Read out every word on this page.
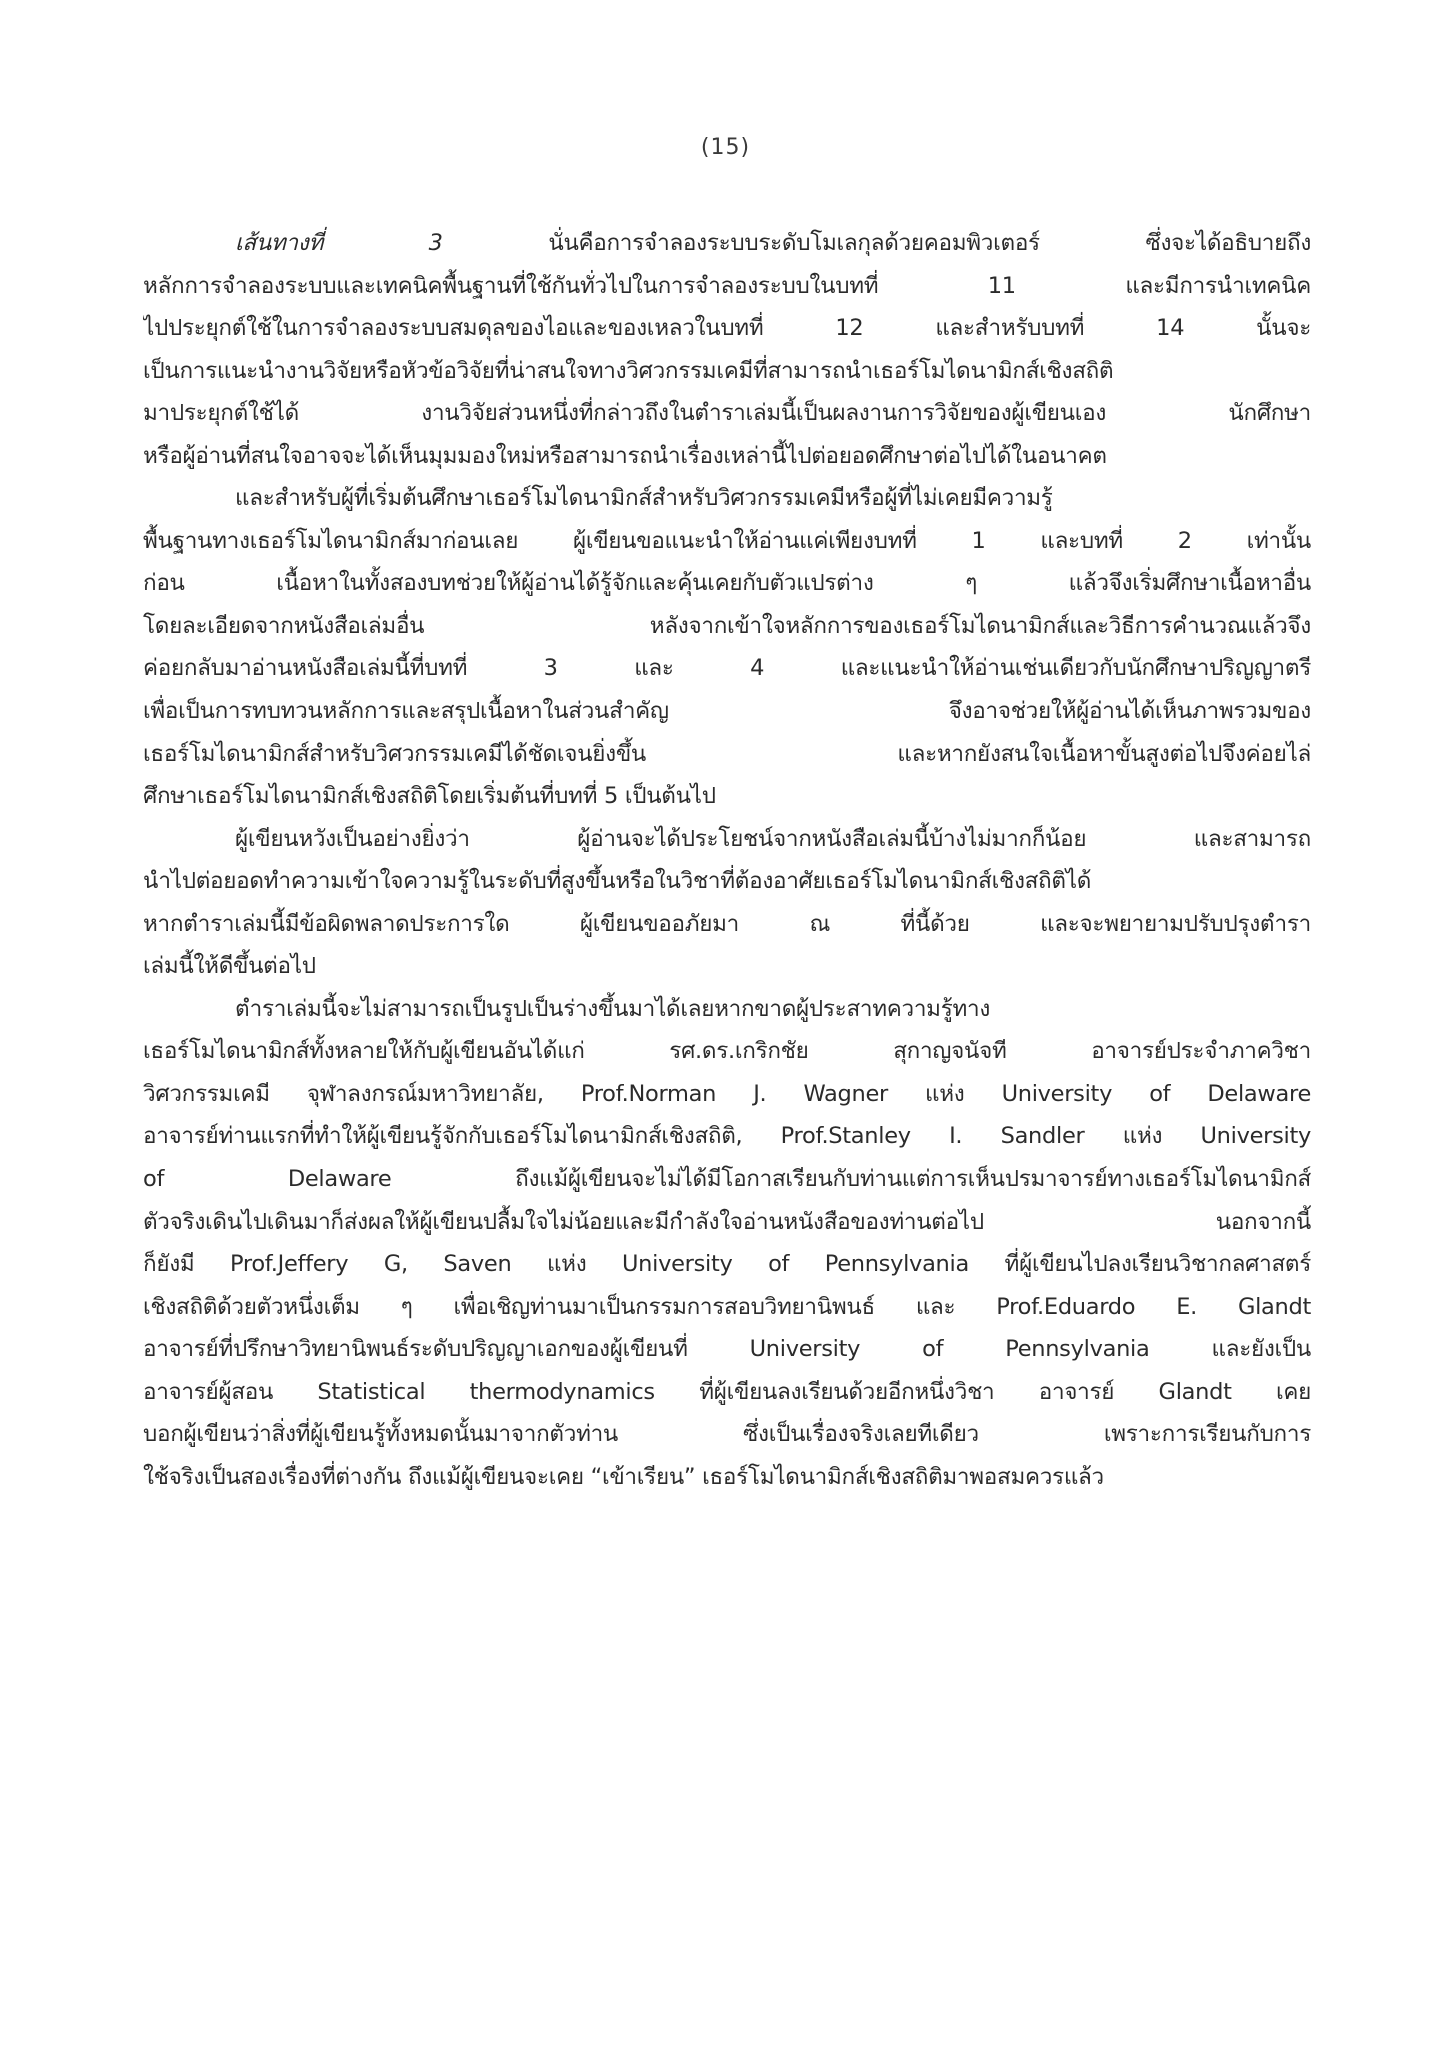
(15)
เส้นทางที่ 3 นั่นคือการจำลองระบบระดับโมเลกุลด้วยคอมพิวเตอร์ ซึ่งจะได้อธิบายถึง
หลักการจำลองระบบและเทคนิคพื้นฐานที่ใช้กันทั่วไปในการจำลองระบบในบทที่ 11 และมีการนำเทคนิค
ไปประยุกต์ใช้ในการจำลองระบบสมดุลของไอและของเหลวในบทที่ 12 และสำหรับบทที่ 14 นั้นจะ
เป็นการแนะนำงานวิจัยหรือหัวข้อวิจัยที่น่าสนใจทางวิศวกรรมเคมีที่สามารถนำเธอร์โมไดนามิกส์เชิงสถิติ
มาประยุกต์ใช้ได้ งานวิจัยส่วนหนึ่งที่กล่าวถึงในตำราเล่มนี้เป็นผลงานการวิจัยของผู้เขียนเอง นักศึกษา
หรือผู้อ่านที่สนใจอาจจะได้เห็นมุมมองใหม่หรือสามารถนำเรื่องเหล่านี้ไปต่อยอดศึกษาต่อไปได้ในอนาคต
และสำหรับผู้ที่เริ่มต้นศึกษาเธอร์โมไดนามิกส์สำหรับวิศวกรรมเคมีหรือผู้ที่ไม่เคยมีความรู้
พื้นฐานทางเธอร์โมไดนามิกส์มาก่อนเลย ผู้เขียนขอแนะนำให้อ่านแค่เพียงบทที่ 1 และบทที่ 2 เท่านั้น
ก่อน เนื้อหาในทั้งสองบทช่วยให้ผู้อ่านได้รู้จักและคุ้นเคยกับตัวแปรต่าง ๆ แล้วจึงเริ่มศึกษาเนื้อหาอื่น
โดยละเอียดจากหนังสือเล่มอื่น หลังจากเข้าใจหลักการของเธอร์โมไดนามิกส์และวิธีการคำนวณแล้วจึง
ค่อยกลับมาอ่านหนังสือเล่มนี้ที่บทที่ 3 และ 4 และแนะนำให้อ่านเช่นเดียวกับนักศึกษาปริญญาตรี
เพื่อเป็นการทบทวนหลักการและสรุปเนื้อหาในส่วนสำคัญ จึงอาจช่วยให้ผู้อ่านได้เห็นภาพรวมของ
เธอร์โมไดนามิกส์สำหรับวิศวกรรมเคมีได้ชัดเจนยิ่งขึ้น และหากยังสนใจเนื้อหาขั้นสูงต่อไปจึงค่อยไล่
ศึกษาเธอร์โมไดนามิกส์เชิงสถิติโดยเริ่มต้นที่บทที่ 5 เป็นต้นไป
ผู้เขียนหวังเป็นอย่างยิ่งว่า ผู้อ่านจะได้ประโยชน์จากหนังสือเล่มนี้บ้างไม่มากก็น้อย และสามารถ
นำไปต่อยอดทำความเข้าใจความรู้ในระดับที่สูงขึ้นหรือในวิชาที่ต้องอาศัยเธอร์โมไดนามิกส์เชิงสถิติได้
หากตำราเล่มนี้มีข้อผิดพลาดประการใด ผู้เขียนขออภัยมา ณ ที่นี้ด้วย และจะพยายามปรับปรุงตำรา
เล่มนี้ให้ดีขึ้นต่อไป
ตำราเล่มนี้จะไม่สามารถเป็นรูปเป็นร่างขึ้นมาได้เลยหากขาดผู้ประสาทความรู้ทาง
เธอร์โมไดนามิกส์ทั้งหลายให้กับผู้เขียนอันได้แก่ รศ.ดร.เกริกชัย สุกาญจนัจที อาจารย์ประจำภาควิชา
วิศวกรรมเคมี จุฬาลงกรณ์มหาวิทยาลัย, Prof.Norman J. Wagner แห่ง University of Delaware
อาจารย์ท่านแรกที่ทำให้ผู้เขียนรู้จักกับเธอร์โมไดนามิกส์เชิงสถิติ, Prof.Stanley I. Sandler แห่ง University
of Delaware ถึงแม้ผู้เขียนจะไม่ได้มีโอกาสเรียนกับท่านแต่การเห็นปรมาจารย์ทางเธอร์โมไดนามิกส์
ตัวจริงเดินไปเดินมาก็ส่งผลให้ผู้เขียนปลื้มใจไม่น้อยและมีกำลังใจอ่านหนังสือของท่านต่อไป นอกจากนี้
ก็ยังมี Prof.Jeffery G, Saven แห่ง University of Pennsylvania ที่ผู้เขียนไปลงเรียนวิชากลศาสตร์
เชิงสถิติด้วยตัวหนึ่งเต็ม ๆ เพื่อเชิญท่านมาเป็นกรรมการสอบวิทยานิพนธ์ และ Prof.Eduardo E. Glandt
อาจารย์ที่ปรึกษาวิทยานิพนธ์ระดับปริญญาเอกของผู้เขียนที่ University of Pennsylvania และยังเป็น
อาจารย์ผู้สอน Statistical thermodynamics ที่ผู้เขียนลงเรียนด้วยอีกหนึ่งวิชา อาจารย์ Glandt เคย
บอกผู้เขียนว่าสิ่งที่ผู้เขียนรู้ทั้งหมดนั้นมาจากตัวท่าน ซึ่งเป็นเรื่องจริงเลยทีเดียว เพราะการเรียนกับการ
ใช้จริงเป็นสองเรื่องที่ต่างกัน ถึงแม้ผู้เขียนจะเคย “เข้าเรียน” เธอร์โมไดนามิกส์เชิงสถิติมาพอสมควรแล้ว
